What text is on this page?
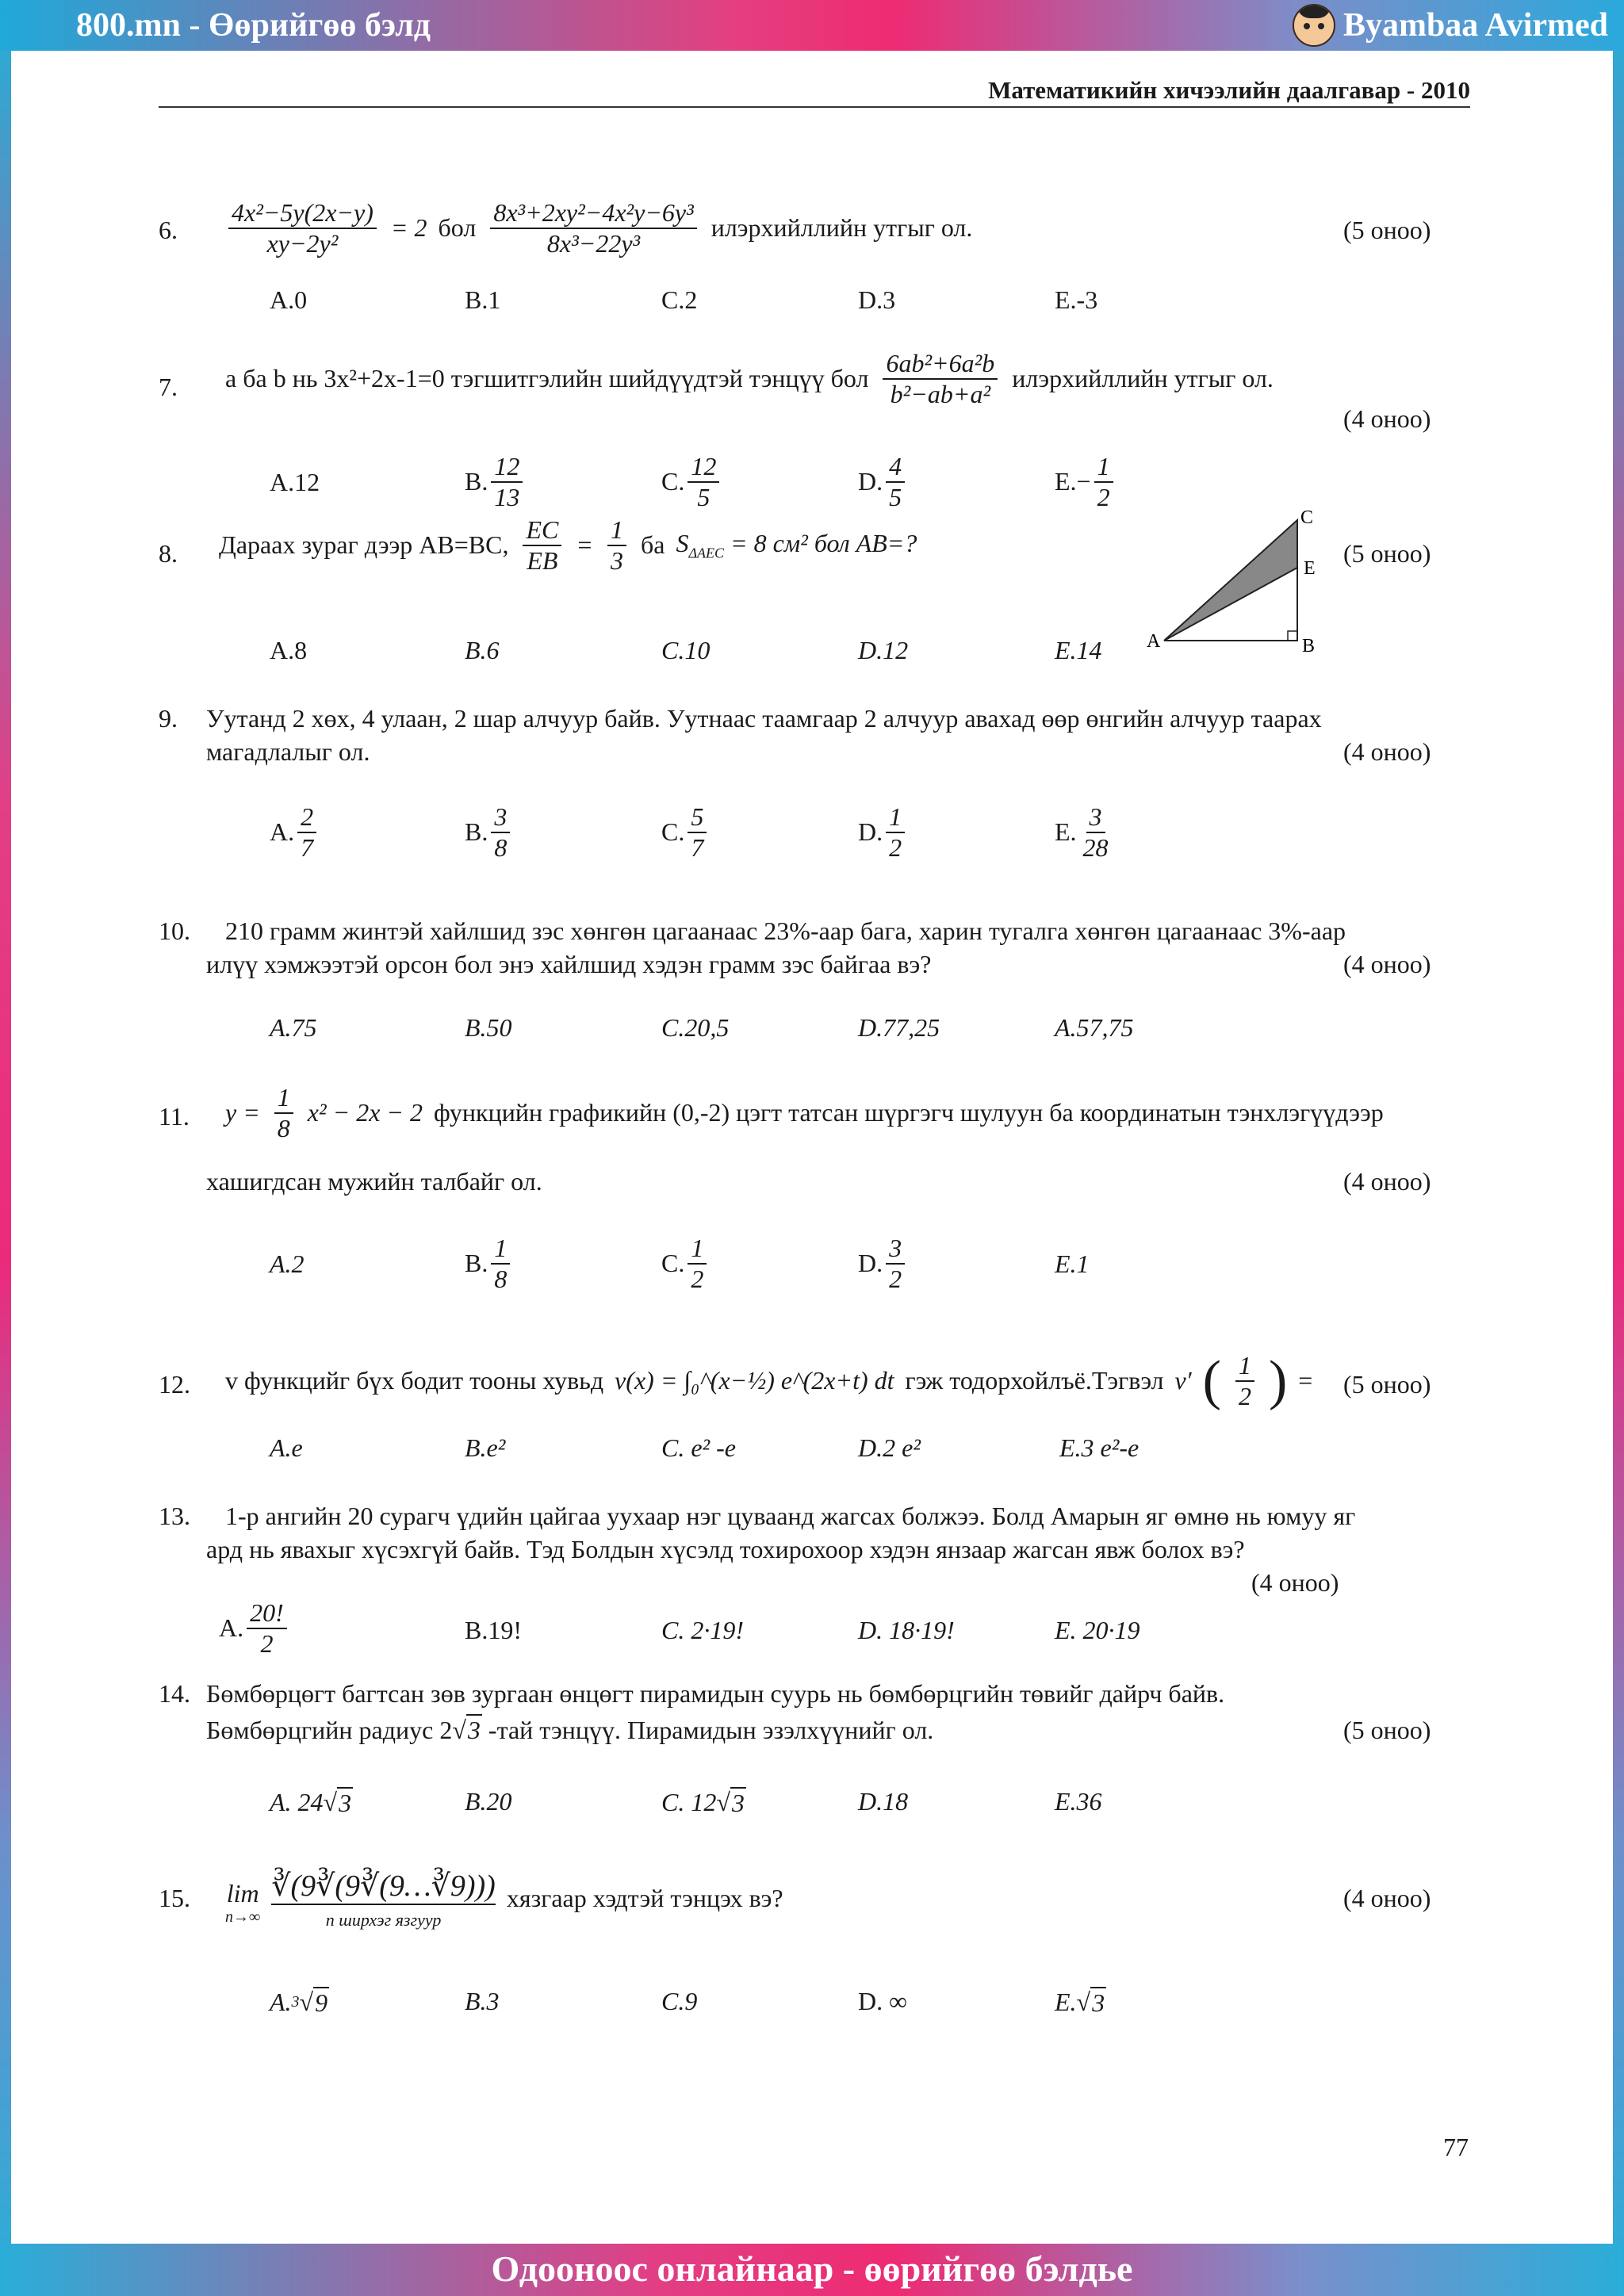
800.mn - Өөрийгөө бэлд	Byambaa Avirmed
Математикийн хичээлийн даалгавар - 2010
6. $\frac{\text{4x²−5y(2x−y)}}{\text{xy−2y²}} = 2$ бол $\frac{\text{8x³+2xy²−4x²y−6y³}}{\text{8x³−22y³}}$ илэрхийллийн утгыг ол.	(5 оноо)
A.0	B.1	C.2	D.3	E.-3
7. a ба b нь 3x²+2x-1=0 тэгшитгэлийн шийдүүдтэй тэнцүү бол $\frac{\text{6ab²+6a²b}}{\text{b²−ab+a²}}$ илэрхийллийн утгыг ол.
(4 оноо)
A.12	B. $\frac{12}{13}$	C. $\frac{12}{5}$	D. $\frac{4}{5}$	$E.- \frac{1}{2}$
8. Дараах зураг дээр AB=BC, $\frac{EC}{EB} = \frac{1}{3}$ ба $S_{\Delta AEC} = 8$ см² бол AB=?	(5 оноо)
A.8	B.6	C.10	D.12	E.14 A	B
C
E
9. Уутанд 2 хөх, 4 улаан, 2 шар алчуур байв. Уутнаас таамгаар 2 алчуур авахад өөр өнгийн алчуур таарах
магадлалыг ол.	(4 оноо)
A. $\frac{2}{7}$	B. $\frac{3}{8}$	C. $\frac{5}{7}$	D. $\frac{1}{2}$	E. $\frac{3}{28}$
10. 210 грамм жинтэй хайлшид зэс хөнгөн цагаанаас 23%-аар бага, харин тугалга хөнгөн цагаанаас 3%-аар
илүү хэмжээтэй орсон бол энэ хайлшид хэдэн грамм зэс байгаа вэ?	(4 оноо)
A.75	B.50	C.20,5	D.77,25	A.57,75
11. $y = \frac{1}{8} x^2 - 2x - 2$ функцийн графикийн (0,-2) цэгт татсан шүргэгч шулуун ба координатын тэнхлэгүүдээр
хашигдсан мужийн талбайг ол.	(4 оноо)
A.2	B. $\frac{1}{8}$	C. $\frac{1}{2}$	D. $\frac{3}{2}$	E.1
12. v функцийг бүх бодит тооны хувьд v(x) = ∫₀^(x−½) e^(2x+t) dt гэж тодорхойлъё.Тэгвэл v′ ( $\frac{1}{2}$ ) = (5 оноо)
A.e	B.e²	C. e² -e	D.2 e²	E.3 e²-e
13. 1-р ангийн 20 сурагч үдийн цайгаа уухаар нэг цуваанд жагсах болжээ. Болд Амарын яг өмнө нь юмуу яг
ард нь явахыг хүсэхгүй байв. Тэд Болдын хүсэлд тохирохоор хэдэн янзаар жагсан явж болох вэ?
(4 оноо)
A. $\frac{20!}{2}$	B.19!	C. 2·19!	D. 18·19!	E. 20·19
14. Бөмбөрцөгт багтсан зөв зургаан өнцөгт пирамидын суурь нь бөмбөрцгийн төвийг дайрч байв.
Бөмбөрцгийн радиус 2√3 -тай тэнцүү. Пирамидын эзэлхүүнийг ол.	(5 оноо)
A. 24 √ 3	B.20	C. 12 √ 3	D.18	E.36
15. lim
n→∞
∛(9∛(9∛(9…∛9)))
n ширхэг язгуур
хязгаар хэдтэй тэнцэх вэ?	(4 оноо)
A. 3 √ 9	B.3	C.9	D. ∞	E. √ 3
77
Одооноос онлайнаар - өөрийгөө бэлдье
